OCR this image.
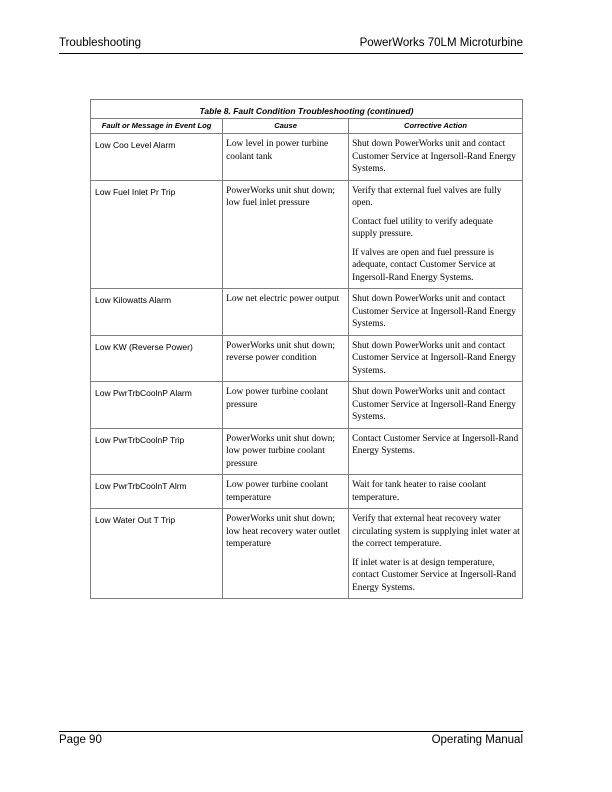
Troubleshooting	PowerWorks 70LM Microturbine
Table 8. Fault Condition Troubleshooting (continued)		
Fault or Message in Event Log	Cause	Corrective Action
Low Coo Level Alarm	Low level in power turbine coolant tank	Shut down PowerWorks unit and contact Customer Service at Ingersoll-Rand Energy Systems.

Low Fuel Inlet Pr Trip	PowerWorks unit shut down; low fuel inlet pressure	Verify that external fuel valves are fully open.

Contact fuel utility to verify adequate supply pressure.

If valves are open and fuel pressure is adequate, contact Customer Service at Ingersoll-Rand Energy Systems.

Low Kilowatts Alarm	Low net electric power output	Shut down PowerWorks unit and contact Customer Service at Ingersoll-Rand Energy Systems.

Low KW (Reverse Power)	PowerWorks unit shut down; reverse power condition	Shut down PowerWorks unit and contact Customer Service at Ingersoll-Rand Energy Systems.

Low PwrTrbCoolnP Alarm	Low power turbine coolant pressure	Shut down PowerWorks unit and contact Customer Service at Ingersoll-Rand Energy Systems.

Low PwrTrbCoolnP Trip	PowerWorks unit shut down; low power turbine coolant pressure	Contact Customer Service at Ingersoll-Rand Energy Systems.

Low PwrTrbCoolnT Alrm	Low power turbine coolant temperature	Wait for tank heater to raise coolant temperature.

Low Water Out T Trip	PowerWorks unit shut down; low heat recovery water outlet temperature	Verify that external heat recovery water circulating system is supplying inlet water at the correct temperature.

If inlet water is at design temperature, contact Customer Service at Ingersoll-Rand Energy Systems.

Page 90	Operating Manual
